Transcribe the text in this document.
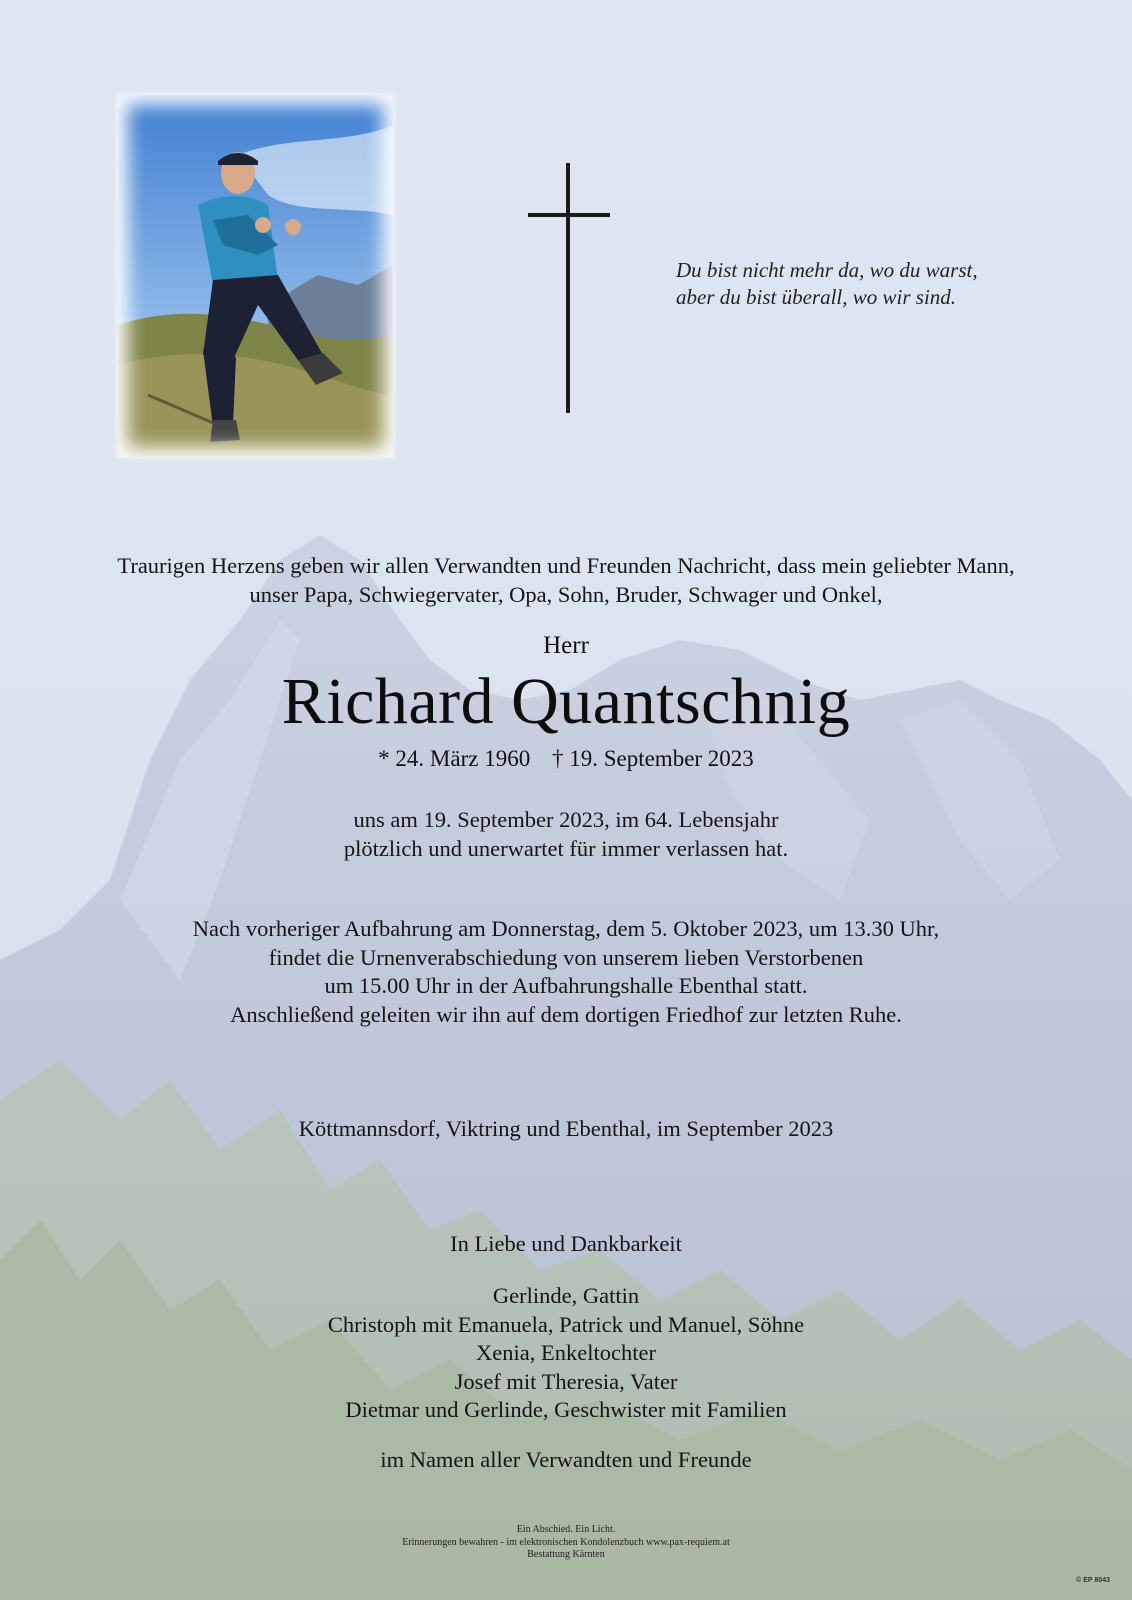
Du bist nicht mehr da, wo du warst,
aber du bist überall, wo wir sind.
Traurigen Herzens geben wir allen Verwandten und Freunden Nachricht, dass mein geliebter Mann,
unser Papa, Schwiegervater, Opa, Sohn, Bruder, Schwager und Onkel,
Herr
Richard Quantschnig
* 24. März 1960 † 19. September 2023
uns am 19. September 2023, im 64. Lebensjahr
plötzlich und unerwartet für immer verlassen hat.
Nach vorheriger Aufbahrung am Donnerstag, dem 5. Oktober 2023, um 13.30 Uhr,
findet die Urnenverabschiedung von unserem lieben Verstorbenen
um 15.00 Uhr in der Aufbahrungshalle Ebenthal statt.
Anschließend geleiten wir ihn auf dem dortigen Friedhof zur letzten Ruhe.
Köttmannsdorf, Viktring und Ebenthal, im September 2023
In Liebe und Dankbarkeit
Gerlinde, Gattin
Christoph mit Emanuela, Patrick und Manuel, Söhne
Xenia, Enkeltochter
Josef mit Theresia, Vater
Dietmar und Gerlinde, Geschwister mit Familien
im Namen aller Verwandten und Freunde
Ein Abschied. Ein Licht.
Erinnerungen bewahren - im elektronischen Kondolenzbuch www.pax-requiem.at
Bestattung Kärnten
© EP 8043
